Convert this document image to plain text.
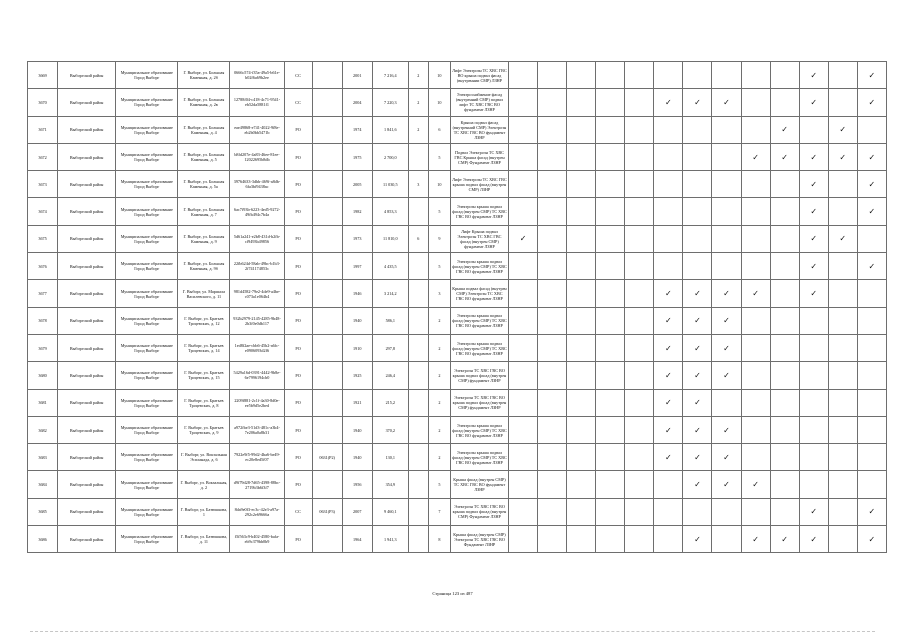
3669	Выборгский район	Муниципальное образование Город Выборг	Г. Выборг, ул. Большая Каменная, д. 2б	0666c574-f35a-49a5-b61e-b02f6a69b2ee	СС		2001	7 216,4	2	10	Лифт Электроэн ТС ХВС ГВС ВО крыша подвал фасад (внутреннии СМР) ЛЗНР											✓		✓
3670	Выборгский район	Муниципальное образование Город Выборг	Г. Выборг, ул. Большая Каменная, д. 2в	12788f04-c418-4c71-9541-eb52da5881f1	СС		2004	7 220,3	2	10	Электроснабжение фасад (внутренний СМР) подвал лифт ТС ХВС ГВС ВО фундамент ЛЗНР						✓	✓	✓			✓		✓
3671	Выборгский район	Муниципальное образование Город Выборг	Г. Выборг, ул. Большая Каменная, д. 4	eae49868-e741-4022-9f8e-eb2b0bb5471b	РО		1974	1 841,6	2	6	Крыша подвал фасад (внутренний СМР) Электроэн ТС ХВС ГВС ВО фундамент ЛЗНР										✓		✓	
3672	Выборгский район	Муниципальное образование Город Выборг	Г. Выборг, ул. Большая Каменная, д. 5	b8fd207e-4a83-46ee-81ee-12022695b8db	РО		1975	2 700,0		5	Подвал Электроэн ТС ХВС ГВС Крыша фасад (внутрен СМР) Фундамент ЛЗНР									✓	✓	✓	✓	✓
3673	Выборгский район	Муниципальное образование Город Выборг	Г. Выборг, ул. Большая Каменная, д. 5а	39764633-3dbb-469f-a8db-6fa3bf9438ac	РО		2005	11 030,5	3	10	Лифт Электроэн ТС ХВС ГВС крыша подвал фасад (внутрен СМР) ЛЗНР											✓		✓
3674	Выборгский район	Муниципальное образование Город Выборг	Г. Выборг, ул. Большая Каменная, д. 7	6ac7f93b-6223-4ed5-9272-49fb494c7b4a	РО		1982	4 853,3		5	Электроэн крыша подвал фасад (внутрен СМР) ТС ХВС ГВС ВО фундамент ЛЗНР											✓		✓
3675	Выборгский район	Муниципальное образование Город Выборг	Г. Выборг, ул. Большая Каменная, д. 9	5d61a241-e2b8-431d-b2fb-cf9493b49856	РО		1973	11 810,0	6	9	Лифт Крыша подвал Электроэн ТС ХВС ГВС фасад (внутрен СМР) фундамент ЛЗНР	✓										✓	✓	
3676	Выборгский район	Муниципальное образование Город Выборг	Г. Выборг, ул. Большая Каменная, д. 9б	22fb624d-58ab-49bc-b1b3-2f741174853c	РО		1997	4 435,5		5	Электроэн крыша подвал фасад (внутрен СМР) ТС ХВС ГВС ВО фундамент ЛЗНР											✓		✓
3677	Выборгский район	Муниципальное образование Город Выборг	Г. Выборг, ул. Маршала Василевского, д. 11	981d4582-79e2-4de9-a4be-c073a1e064b4	РО		1946	3 214,2		3	Крыша подвал фасад (внутрен СМР) Электроэн ТС ХВС ГВС ВО фундамент ЛЗНР						✓	✓	✓	✓		✓		
3678	Выборгский район	Муниципальное образование Город Выборг	Г. Выборг, ул. Братьев Троцевских, д. 12	932b2979-2145-4285-9b48-2b3f0e0db117	РО		1940	586,1		2	Электроэн крыша подвал фасад (внутрен СМР) ТС ХВС ГВС ВО фундамент ЛЗНР						✓	✓	✓					
3679	Выборгский район	Муниципальное образование Город Выборг	Г. Выборг, ул. Братьев Троцевских, д. 14	1ed8f2ae-cbb6-45b2-a6fc-e0906093d2f6	РО		1910	297,8		2	Электроэн крыша подвал фасад (внутрен СМР) ТС ХВС ГВС ВО фундамент ЛЗНР						✓	✓	✓					
3680	Выборгский район	Муниципальное образование Город Выборг	Г. Выборг, ул. Братьев Троцевских, д. 15	5429a16d-0391-4442-9b8e-6e7996194cb0	РО		1925	246,4		2	Электроэн ТС ХВС ГВС ВО крыша подвал фасад (внутрен СМР) фундамент ЛЗНР						✓	✓	✓					
3681	Выборгский район	Муниципальное образование Город Выборг	Г. Выборг, ул. Братьев Троцевских, д. 8	2209f881-2c1f-4a30-8d0e-ee5b9d5e2bed	РО		1921	215,2		2	Электроэн ТС ХВС ГВС ВО крыша подвал фасад (внутрен СМР) фундамент ЛЗНР						✓	✓						
3682	Выборгский район	Муниципальное образование Город Выборг	Г. Выборг, ул. Братьев Троцевских, д. 9	a972fbe3-51d3-481c-a3b4-7e206a0a8b31	РО		1940	370,2		2	Электроэн крыша подвал фасад (внутрен СМР) ТС ХВС ГВС ВО фундамент ЛЗНР						✓	✓	✓					
3683	Выборгский район	Муниципальное образование Город Выборг	Г. Выборг, ул. Вокзальная Эспланада, д. 6	7922e9f5-99d2-4ba6-be49-ec20e8ed5f07	РО	0631(Р2)	1940	130,1		2	Электроэн крыша подвал фасад (внутрен СМР) ТС ХВС ГВС ВО фундамент ЛЗНР						✓	✓	✓					
3684	Выборгский район	Муниципальное образование Город Выборг	Г. Выборг, ул. Вокзальная, д. 2	d9f79d28-7d65-4398-88bc-2719b3b6f3f7	РО		1956	354,9		5	Крыша фасад (внутрен СМР) ТС ХВС ГВС ВО фундамент ЛЗНР							✓	✓	✓				
3685	Выборгский район	Муниципальное образование Город Выборг	Г. Выборг, ул. Батюшкова, 1	8da9e0f3-ec3c-42e3-a97a-292c2e69666a	СС	0631(Р3)	2007	9 460,1		7	Электроэн ТС ХВС ГВС ВО крыша подвал фасад (внутрен СМР) Фундамент ЛЗНР											✓		✓
3686	Выборгский район	Муниципальное образование Город Выборг	Г. Выборг, ул. Батюшкова, д. 11	f5f563c9-b402-4580-bafa-eb9c379bb0b9	РО		1964	1 941,3		8	Крыша фасад (внутрен СМР) Электроэн ТС ХВС ГВС ВО Фундамент ЛЗНР							✓		✓	✓	✓		✓
Страница 123 из 487
